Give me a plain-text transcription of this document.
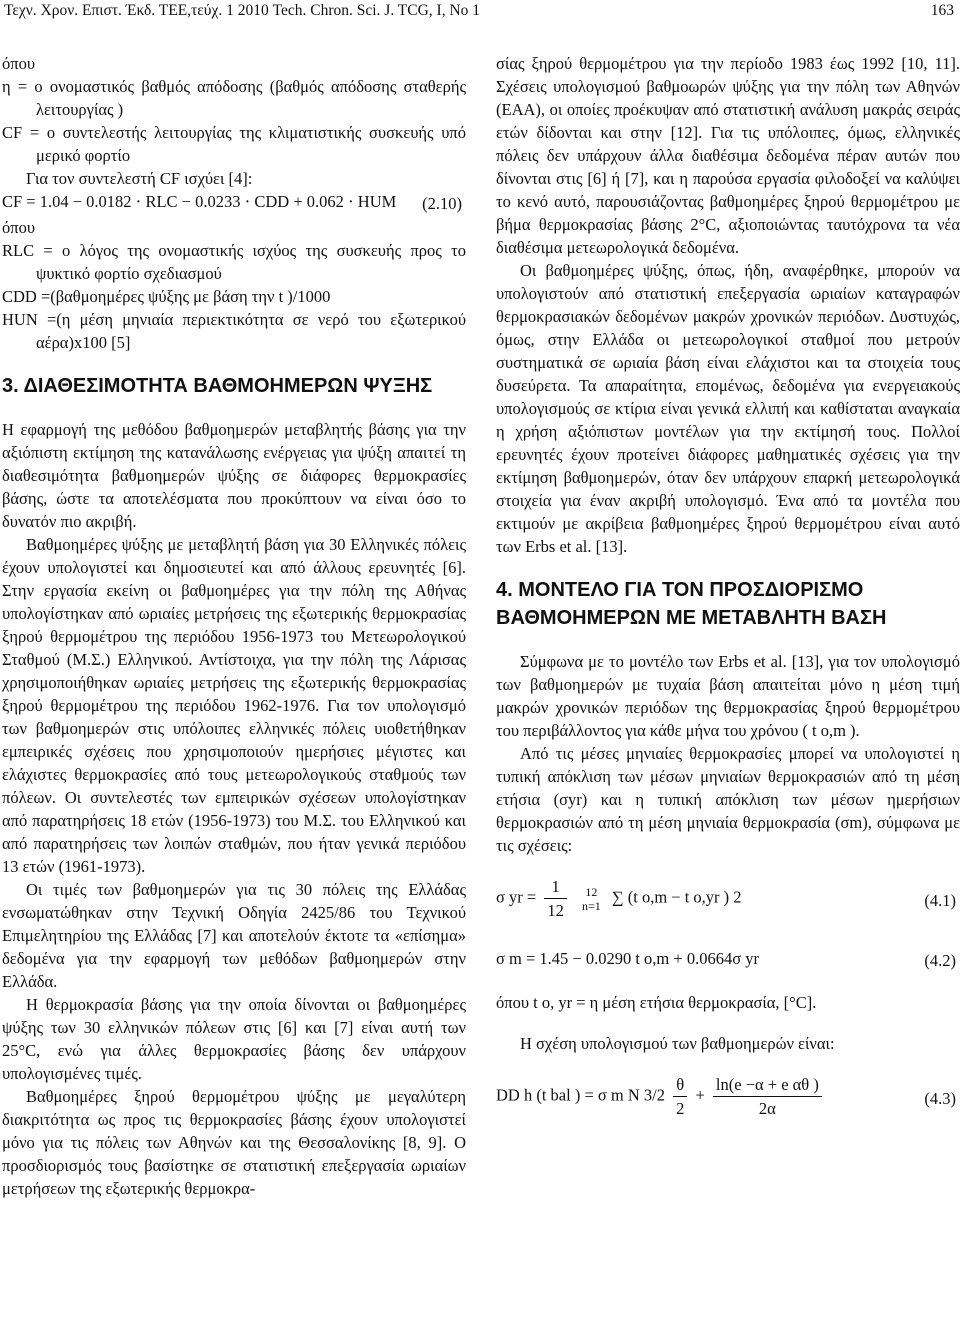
Τεχν. Χρον. Επιστ. Έκδ. ΤΕΕ,τεύχ. 1 2010 Tech. Chron. Sci. J. TCG, I, No 1	163

όπου

η = ο ονομαστικός βαθμός απόδοσης (βαθμός απόδοσης σταθερής λειτουργίας )

CF = ο συντελεστής λειτουργίας της κλιματιστικής συσκευής υπό μερικό φορτίο

Για τον συντελεστή CF ισχύει [4]:

CF = 1.04 − 0.0182 ⋅ RLC − 0.0233 ⋅ CDD + 0.062 ⋅ HUM (2.10)

όπου

RLC = ο λόγος της ονομαστικής ισχύος της συσκευής προς το ψυκτικό φορτίο σχεδιασμού

CDD =(βαθμοημέρες ψύξης με βάση την t )/1000

HUN =(η μέση μηνιαία περιεκτικότητα σε νερό του εξωτερικού αέρα)x100 [5]

3. ΔΙΑΘΕΣΙΜΟΤΗΤΑ ΒΑΘΜΟΗΜΕΡΩΝ ΨΥΞΗΣ

Η εφαρμογή της μεθόδου βαθμοημερών μεταβλητής βάσης για την αξιόπιστη εκτίμηση της κατανάλωσης ενέργειας για ψύξη απαιτεί τη διαθεσιμότητα βαθμοημερών ψύξης σε διάφορες θερμοκρασίες βάσης, ώστε τα αποτελέσματα που προκύπτουν να είναι όσο το δυνατόν πιο ακριβή.

Βαθμοημέρες ψύξης με μεταβλητή βάση για 30 Ελληνικές πόλεις έχουν υπολογιστεί και δημοσιευτεί και από άλλους ερευνητές [6]. Στην εργασία εκείνη οι βαθμοημέρες για την πόλη της Αθήνας υπολογίστηκαν από ωριαίες μετρήσεις της εξωτερικής θερμοκρασίας ξηρού θερμομέτρου της περιόδου 1956-1973 του Μετεωρολογικού Σταθμού (Μ.Σ.) Ελληνικού. Αντίστοιχα, για την πόλη της Λάρισας χρησιμοποιήθηκαν ωριαίες μετρήσεις της εξωτερικής θερμοκρασίας ξηρού θερμομέτρου της περιόδου 1962-1976. Για τον υπολογισμό των βαθμοημερών στις υπόλοιπες ελληνικές πόλεις υιοθετήθηκαν εμπειρικές σχέσεις που χρησιμοποιούν ημερήσιες μέγιστες και ελάχιστες θερμοκρασίες από τους μετεωρολογικούς σταθμούς των πόλεων. Οι συντελεστές των εμπειρικών σχέσεων υπολογίστηκαν από παρατηρήσεις 18 ετών (1956-1973) του Μ.Σ. του Ελληνικού και από παρατηρήσεις των λοιπών σταθμών, που ήταν γενικά περιόδου 13 ετών (1961-1973).

Οι τιμές των βαθμοημερών για τις 30 πόλεις της Ελλάδας ενσωματώθηκαν στην Τεχνική Οδηγία 2425/86 του Τεχνικού Επιμελητηρίου της Ελλάδας [7] και αποτελούν έκτοτε τα «επίσημα» δεδομένα για την εφαρμογή των μεθόδων βαθμοημερών στην Ελλάδα.

Η θερμοκρασία βάσης για την οποία δίνονται οι βαθμοημέρες ψύξης των 30 ελληνικών πόλεων στις [6] και [7] είναι αυτή των 25°C, ενώ για άλλες θερμοκρασίες βάσης δεν υπάρχουν υπολογισμένες τιμές.

Βαθμοημέρες ξηρού θερμομέτρου ψύξης με μεγαλύτερη διακριτότητα ως προς τις θερμοκρασίες βάσης έχουν υπολογιστεί μόνο για τις πόλεις των Αθηνών και της Θεσσαλονίκης [8, 9]. Ο προσδιορισμός τους βασίστηκε σε στατιστική επεξεργασία ωριαίων μετρήσεων της εξωτερικής θερμοκρα-

σίας ξηρού θερμομέτρου για την περίοδο 1983 έως 1992 [10, 11]. Σχέσεις υπολογισμού βαθμοωρών ψύξης για την πόλη των Αθηνών (ΕΑΑ), οι οποίες προέκυψαν από στατιστική ανάλυση μακράς σειράς ετών δίδονται και στην [12]. Για τις υπόλοιπες, όμως, ελληνικές πόλεις δεν υπάρχουν άλλα διαθέσιμα δεδομένα πέραν αυτών που δίνονται στις [6] ή [7], και η παρούσα εργασία φιλοδοξεί να καλύψει το κενό αυτό, παρουσιάζοντας βαθμοημέρες ξηρού θερμομέτρου με βήμα θερμοκρασίας βάσης 2°C, αξιοποιώντας ταυτόχρονα τα νέα διαθέσιμα μετεωρολογικά δεδομένα.

Οι βαθμοημέρες ψύξης, όπως, ήδη, αναφέρθηκε, μπορούν να υπολογιστούν από στατιστική επεξεργασία ωριαίων καταγραφών θερμοκρασιακών δεδομένων μακρών χρονικών περιόδων. Δυστυχώς, όμως, στην Ελλάδα οι μετεωρολογικοί σταθμοί που μετρούν συστηματικά σε ωριαία βάση είναι ελάχιστοι και τα στοιχεία τους δυσεύρετα. Τα απαραίτητα, επομένως, δεδομένα για ενεργειακούς υπολογισμούς σε κτίρια είναι γενικά ελλιπή και καθίσταται αναγκαία η χρήση αξιόπιστων μοντέλων για την εκτίμησή τους. Πολλοί ερευνητές έχουν προτείνει διάφορες μαθηματικές σχέσεις για την εκτίμηση βαθμοημερών, όταν δεν υπάρχουν επαρκή μετεωρολογικά στοιχεία για έναν ακριβή υπολογισμό. Ένα από τα μοντέλα που εκτιμούν με ακρίβεια βαθμοημέρες ξηρού θερμομέτρου είναι αυτό των Erbs et al. [13].

4. ΜΟΝΤΕΛΟ ΓΙΑ ΤΟΝ ΠΡΟΣΔΙΟΡΙΣΜΟ ΒΑΘΜΟΗΜΕΡΩΝ ΜΕ ΜΕΤΑΒΛΗΤΗ ΒΑΣΗ

Σύμφωνα με το μοντέλο των Erbs et al. [13], για τον υπολογισμό των βαθμοημερών με τυχαία βάση απαιτείται μόνο η μέση τιμή μακρών χρονικών περιόδων της θερμοκρασίας ξηρού θερμομέτρου του περιβάλλοντος για κάθε μήνα του χρόνου ( t o,m ).

Από τις μέσες μηνιαίες θερμοκρασίες μπορεί να υπολογιστεί η τυπική απόκλιση των μέσων μηνιαίων θερμοκρασιών από τη μέση ετήσια (σyr) και η τυπική απόκλιση των μέσων ημερήσιων θερμοκρασιών από τη μέση μηνιαία θερμοκρασία (σm), σύμφωνα με τις σχέσεις:

σ yr = $\frac{1}{12}$
	12
n=1 ∑ (t o,m − t o,yr ) 2	(4.1)
σ m = 1.45 − 0.0290 t o,m + 0.0664σ yr	(4.2)

όπου t o, yr = η μέση ετήσια θερμοκρασία, [°C].

Η σχέση υπολογισμού των βαθμοημερών είναι:

DD h (t bal ) = σ m N $3/2 \frac{\theta}{2} + \frac{\text{ln(e −α + e αθ )}}{2\alpha}$	(4.3)
